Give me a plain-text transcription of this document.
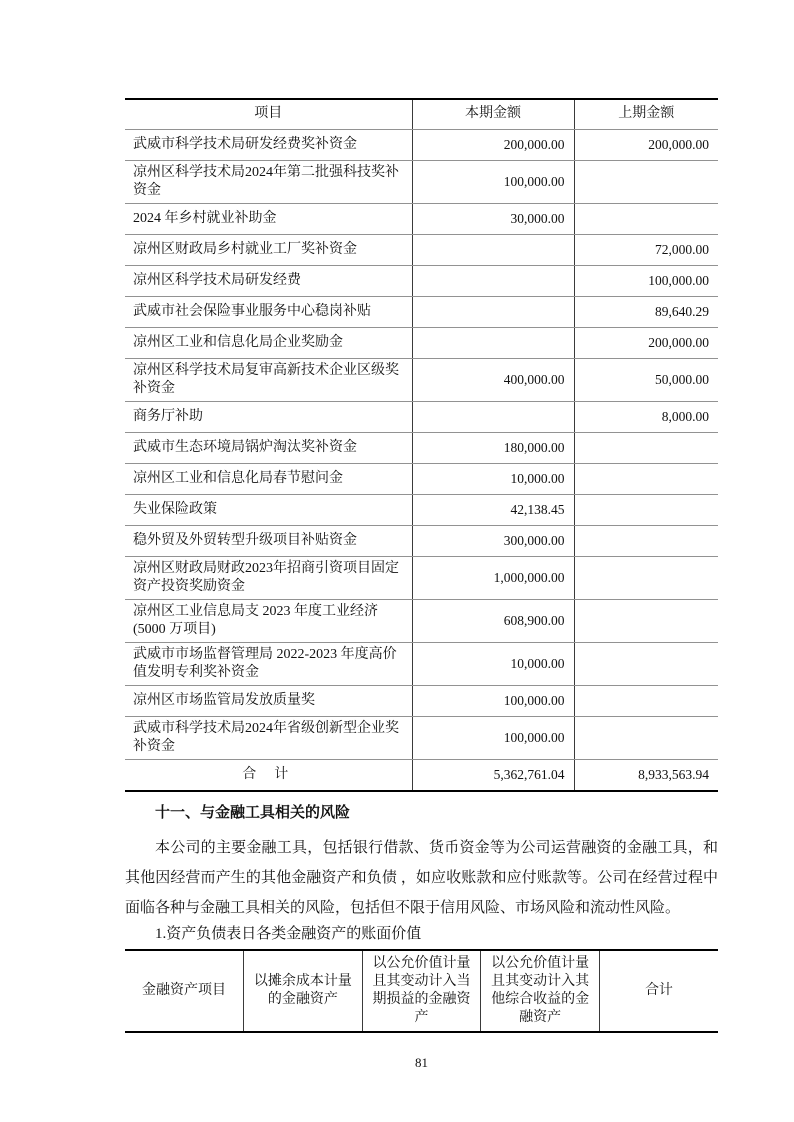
项目	本期金额	上期金额
武威市科学技术局研发经费奖补资金	200,000.00	200,000.00
凉州区科学技术局2024年第二批强科技奖补资金	100,000.00	
2024 年乡村就业补助金	30,000.00	
凉州区财政局乡村就业工厂奖补资金		72,000.00
凉州区科学技术局研发经费		100,000.00
武威市社会保险事业服务中心稳岗补贴		89,640.29
凉州区工业和信息化局企业奖励金		200,000.00
凉州区科学技术局复审高新技术企业区级奖补资金	400,000.00	50,000.00
商务厅补助		8,000.00
武威市生态环境局锅炉淘汰奖补资金	180,000.00	
凉州区工业和信息化局春节慰问金	10,000.00	
失业保险政策	42,138.45	
稳外贸及外贸转型升级项目补贴资金	300,000.00	
凉州区财政局财政2023年招商引资项目固定资产投资奖励资金	1,000,000.00	
凉州区工业信息局支 2023 年度工业经济(5000 万项目)	608,900.00	
武威市市场监督管理局 2022-2023 年度高价值发明专利奖补资金	10,000.00	
凉州区市场监管局发放质量奖	100,000.00	
武威市科学技术局2024年省级创新型企业奖补资金	100,000.00	
合　计	5,362,761.04	8,933,563.94
十一、与金融工具相关的风险
本公司的主要金融工具，包括银行借款、货币资金等为公司运营融资的金融工具，和其他因经营而产生的其他金融资产和负债 ，如应收账款和应付账款等。公司在经营过程中面临各种与金融工具相关的风险，包括但不限于信用风险、市场风险和流动性风险。
1.资产负债表日各类金融资产的账面价值
金融资产项目	以摊余成本计量的金融资产	以公允价值计量且其变动计入当期损益的金融资产	以公允价值计量且其变动计入其他综合收益的金融资产	合计
81
